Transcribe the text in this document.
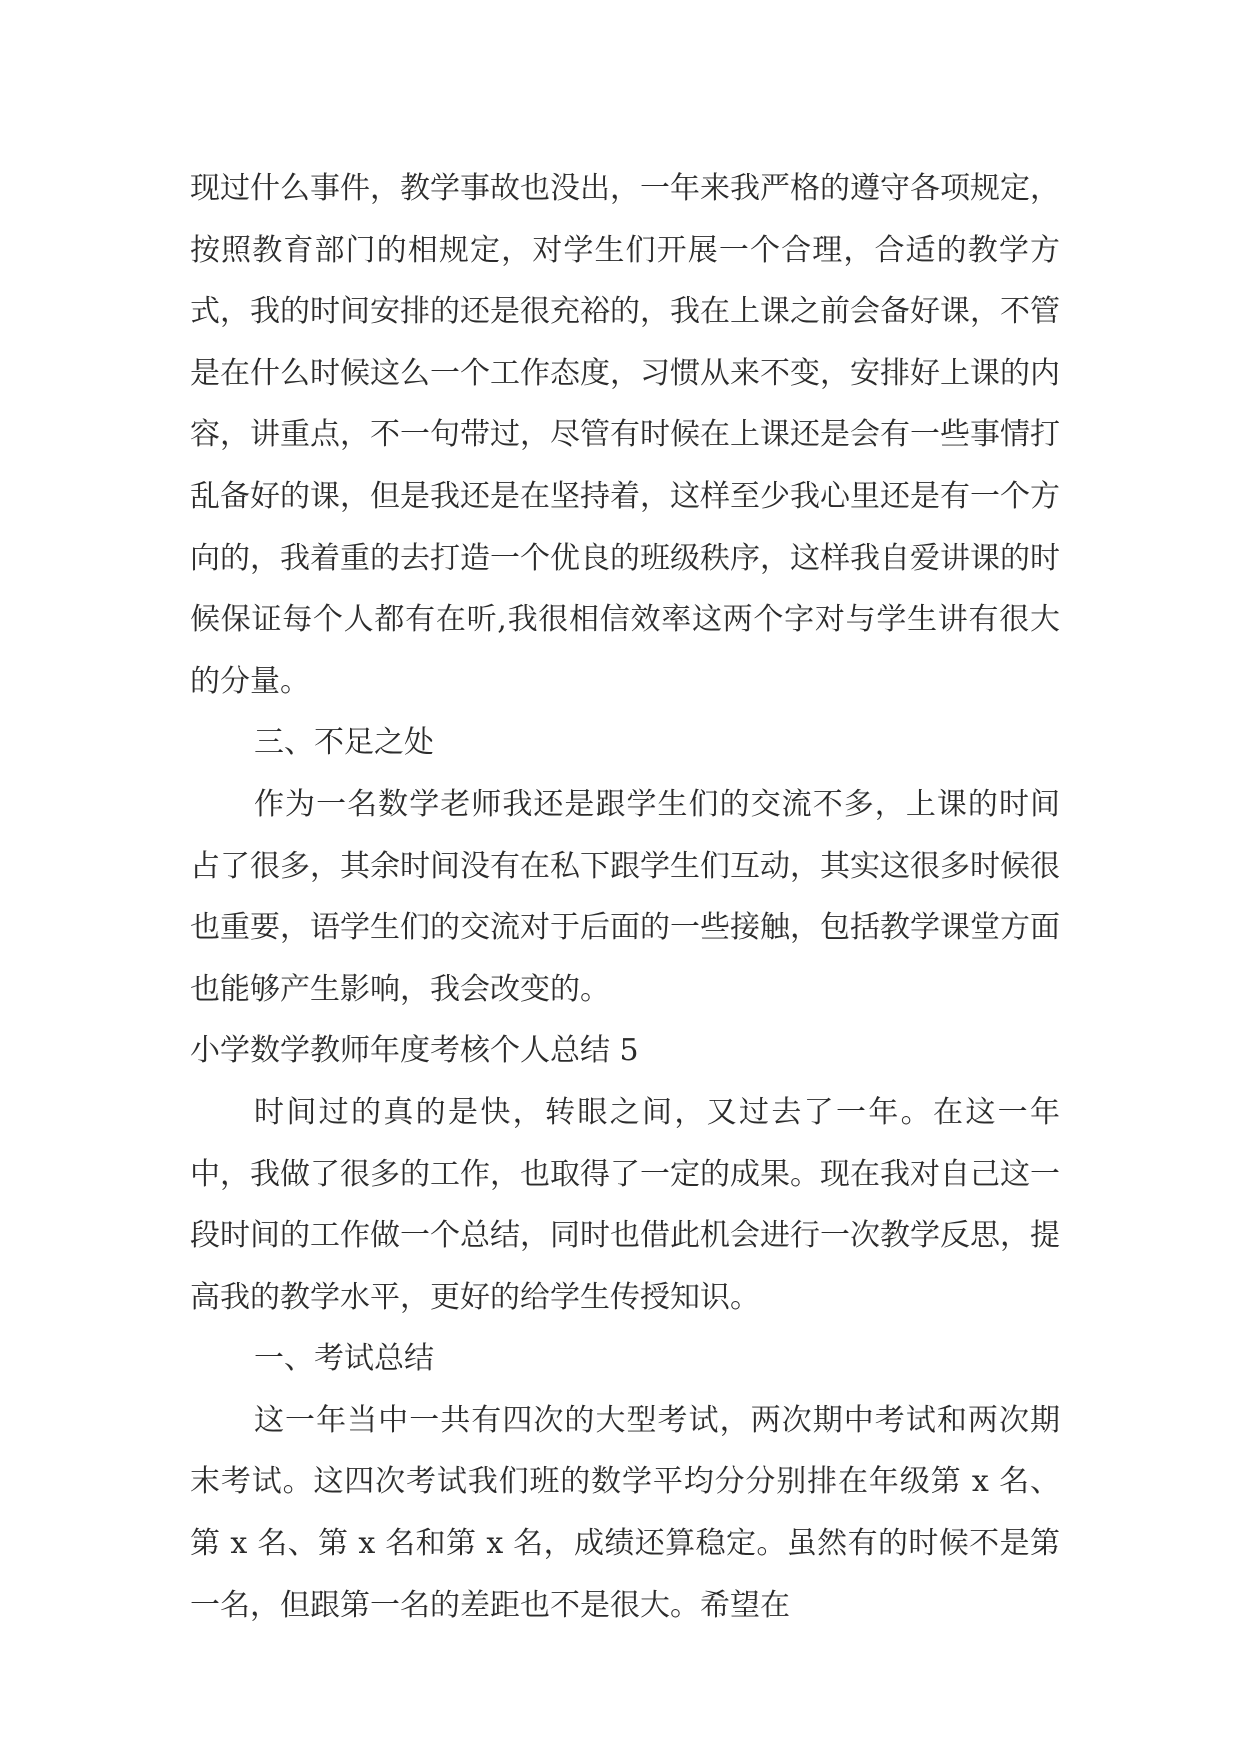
现过什么事件，教学事故也没出，一年来我严格的遵守各项规定，按照教育部门的相规定，对学生们开展一个合理，合适的教学方式，我的时间安排的还是很充裕的，我在上课之前会备好课，不管是在什么时候这么一个工作态度，习惯从来不变，安排好上课的内容，讲重点，不一句带过，尽管有时候在上课还是会有一些事情打乱备好的课，但是我还是在坚持着，这样至少我心里还是有一个方向的，我着重的去打造一个优良的班级秩序，这样我自爱讲课的时候保证每个人都有在听,我很相信效率这两个字对与学生讲有很大的分量。

三、不足之处

作为一名数学老师我还是跟学生们的交流不多，上课的时间占了很多，其余时间没有在私下跟学生们互动，其实这很多时候很也重要，语学生们的交流对于后面的一些接触，包括教学课堂方面也能够产生影响，我会改变的。

小学数学教师年度考核个人总结 5

时间过的真的是快，转眼之间，又过去了一年。在这一年中，我做了很多的工作，也取得了一定的成果。现在我对自己这一段时间的工作做一个总结，同时也借此机会进行一次教学反思，提高我的教学水平，更好的给学生传授知识。

一、考试总结

这一年当中一共有四次的大型考试，两次期中考试和两次期末考试。这四次考试我们班的数学平均分分别排在年级第 x 名、第 x 名、第 x 名和第 x 名，成绩还算稳定。虽然有的时候不是第一名，但跟第一名的差距也不是很大。希望在
